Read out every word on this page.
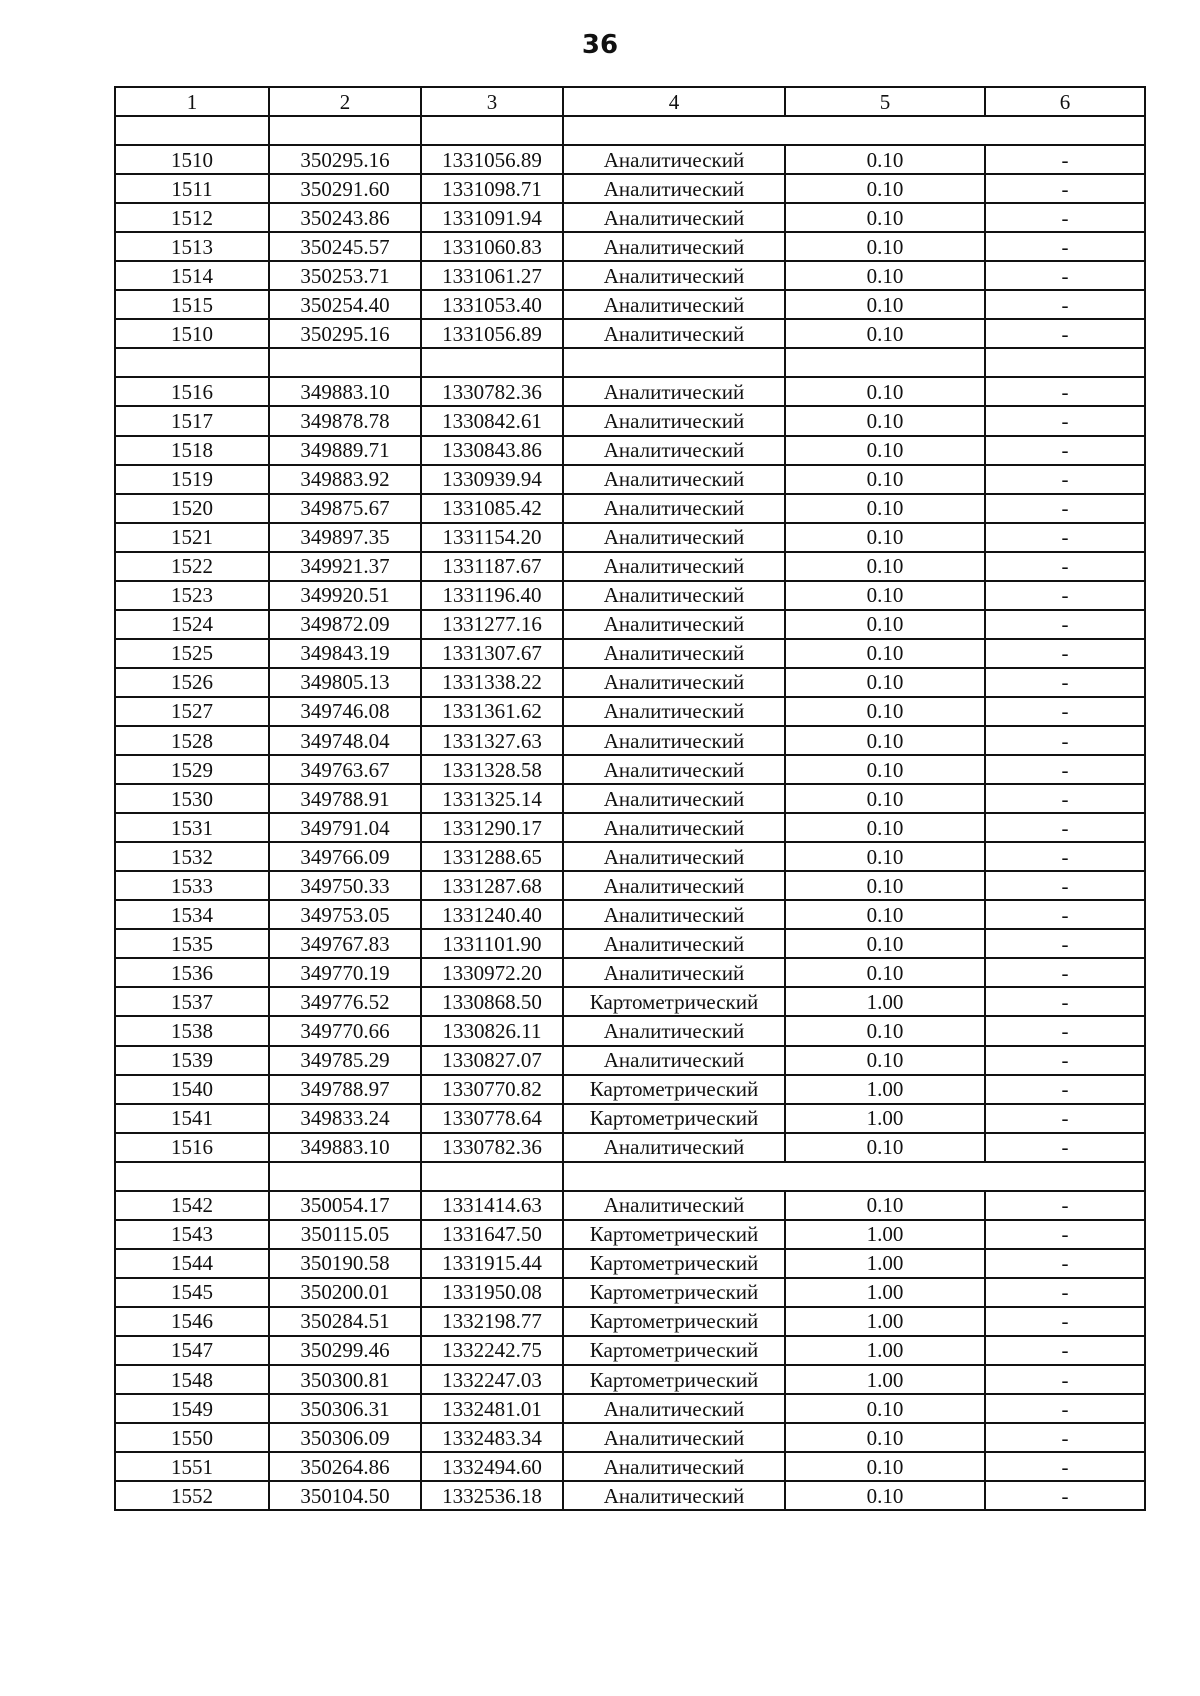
36
1	2	3	4	5	6

1510	350295.16	1331056.89	Аналитический	0.10	-
1511	350291.60	1331098.71	Аналитический	0.10	-
1512	350243.86	1331091.94	Аналитический	0.10	-
1513	350245.57	1331060.83	Аналитический	0.10	-
1514	350253.71	1331061.27	Аналитический	0.10	-
1515	350254.40	1331053.40	Аналитический	0.10	-
1510	350295.16	1331056.89	Аналитический	0.10	-

1516	349883.10	1330782.36	Аналитический	0.10	-
1517	349878.78	1330842.61	Аналитический	0.10	-
1518	349889.71	1330843.86	Аналитический	0.10	-
1519	349883.92	1330939.94	Аналитический	0.10	-
1520	349875.67	1331085.42	Аналитический	0.10	-
1521	349897.35	1331154.20	Аналитический	0.10	-
1522	349921.37	1331187.67	Аналитический	0.10	-
1523	349920.51	1331196.40	Аналитический	0.10	-
1524	349872.09	1331277.16	Аналитический	0.10	-
1525	349843.19	1331307.67	Аналитический	0.10	-
1526	349805.13	1331338.22	Аналитический	0.10	-
1527	349746.08	1331361.62	Аналитический	0.10	-
1528	349748.04	1331327.63	Аналитический	0.10	-
1529	349763.67	1331328.58	Аналитический	0.10	-
1530	349788.91	1331325.14	Аналитический	0.10	-
1531	349791.04	1331290.17	Аналитический	0.10	-
1532	349766.09	1331288.65	Аналитический	0.10	-
1533	349750.33	1331287.68	Аналитический	0.10	-
1534	349753.05	1331240.40	Аналитический	0.10	-
1535	349767.83	1331101.90	Аналитический	0.10	-
1536	349770.19	1330972.20	Аналитический	0.10	-
1537	349776.52	1330868.50	Картометрический	1.00	-
1538	349770.66	1330826.11	Аналитический	0.10	-
1539	349785.29	1330827.07	Аналитический	0.10	-
1540	349788.97	1330770.82	Картометрический	1.00	-
1541	349833.24	1330778.64	Картометрический	1.00	-
1516	349883.10	1330782.36	Аналитический	0.10	-

1542	350054.17	1331414.63	Аналитический	0.10	-
1543	350115.05	1331647.50	Картометрический	1.00	-
1544	350190.58	1331915.44	Картометрический	1.00	-
1545	350200.01	1331950.08	Картометрический	1.00	-
1546	350284.51	1332198.77	Картометрический	1.00	-
1547	350299.46	1332242.75	Картометрический	1.00	-
1548	350300.81	1332247.03	Картометрический	1.00	-
1549	350306.31	1332481.01	Аналитический	0.10	-
1550	350306.09	1332483.34	Аналитический	0.10	-
1551	350264.86	1332494.60	Аналитический	0.10	-
1552	350104.50	1332536.18	Аналитический	0.10	-
